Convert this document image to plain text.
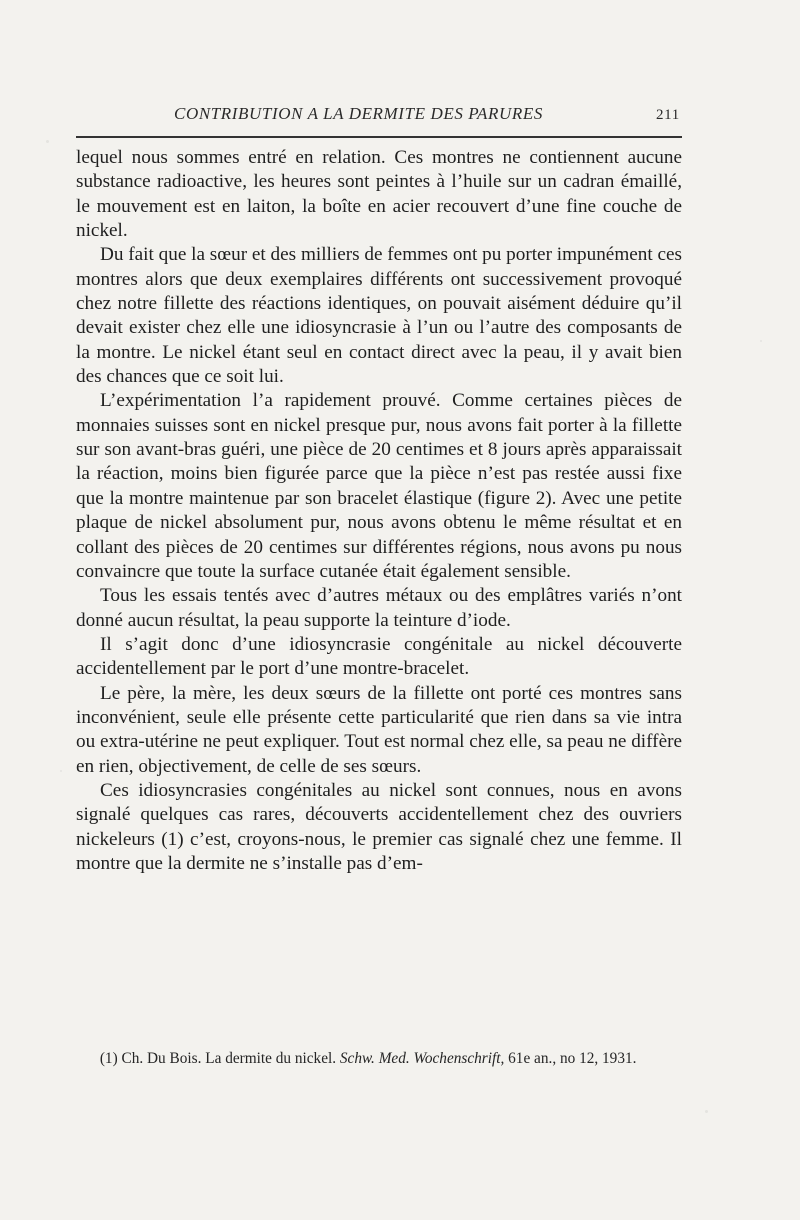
CONTRIBUTION A LA DERMITE DES PARURES	211

lequel nous sommes entré en relation. Ces montres ne contiennent aucune substance radioactive, les heures sont peintes à l’huile sur un cadran émaillé, le mouvement est en laiton, la boîte en acier recouvert d’une fine couche de nickel.

Du fait que la sœur et des milliers de femmes ont pu porter impunément ces montres alors que deux exemplaires différents ont successivement provoqué chez notre fillette des réactions identiques, on pouvait aisément déduire qu’il devait exister chez elle une idiosyncrasie à l’un ou l’autre des composants de la montre. Le nickel étant seul en contact direct avec la peau, il y avait bien des chances que ce soit lui.

L’expérimentation l’a rapidement prouvé. Comme certaines pièces de monnaies suisses sont en nickel presque pur, nous avons fait porter à la fillette sur son avant-bras guéri, une pièce de 20 centimes et 8 jours après apparaissait la réaction, moins bien figurée parce que la pièce n’est pas restée aussi fixe que la montre maintenue par son bracelet élastique (figure 2). Avec une petite plaque de nickel absolument pur, nous avons obtenu le même résultat et en collant des pièces de 20 centimes sur différentes régions, nous avons pu nous convaincre que toute la surface cutanée était également sensible.

Tous les essais tentés avec d’autres métaux ou des emplâtres variés n’ont donné aucun résultat, la peau supporte la teinture d’iode.

Il s’agit donc d’une idiosyncrasie congénitale au nickel découverte accidentellement par le port d’une montre-bracelet.

Le père, la mère, les deux sœurs de la fillette ont porté ces montres sans inconvénient, seule elle présente cette particularité que rien dans sa vie intra ou extra-utérine ne peut expliquer. Tout est normal chez elle, sa peau ne diffère en rien, objectivement, de celle de ses sœurs.

Ces idiosyncrasies congénitales au nickel sont connues, nous en avons signalé quelques cas rares, découverts accidentellement chez des ouvriers nickeleurs (1) c’est, croyons-nous, le premier cas signalé chez une femme. Il montre que la dermite ne s’installe pas d’em-

(1) Ch. Du Bois. La dermite du nickel. Schw. Med. Wochenschrift, 61e an., no 12, 1931.
